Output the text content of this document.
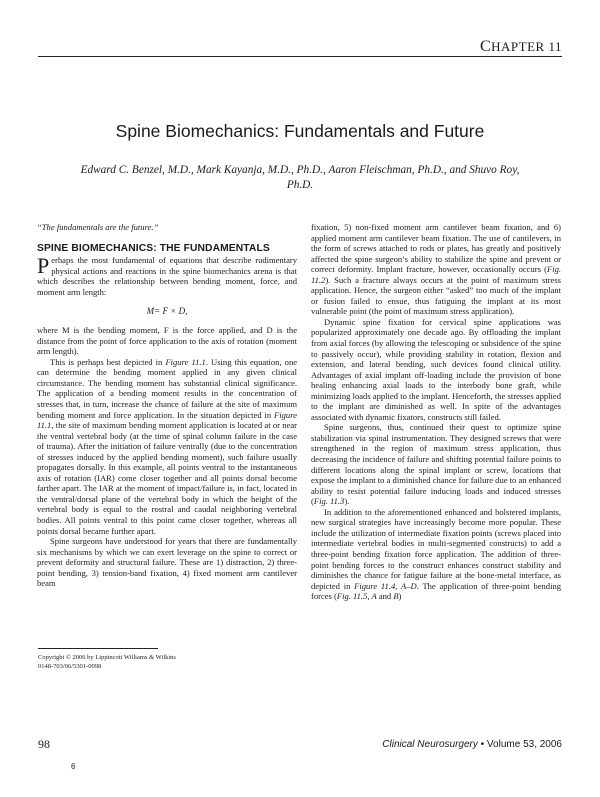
CHAPTER 11

Spine Biomechanics: Fundamentals and Future

Edward C. Benzel, M.D., Mark Kayanja, M.D., Ph.D., Aaron Fleischman, Ph.D., and Shuvo Roy, Ph.D.

“The fundamentals are the future.”

SPINE BIOMECHANICS: THE FUNDAMENTALS

Perhaps the most fundamental of equations that describe rudimentary physical actions and reactions in the spine biomechanics arena is that which describes the relationship between bending moment, force, and moment arm length:

M= F × D,

where M is the bending moment, F is the force applied, and D is the distance from the point of force application to the axis of rotation (moment arm length).

This is perhaps best depicted in Figure 11.1. Using this equation, one can determine the bending moment applied in any given clinical circumstance. The bending moment has substantial clinical significance. The application of a bending moment results in the concentration of stresses that, in turn, increase the chance of failure at the site of maximum bending moment and force application. In the situation depicted in Figure 11.1, the site of maximum bending moment application is located at or near the ventral vertebral body (at the time of spinal column failure in the case of trauma). After the initiation of failure ventrally (due to the concentration of stresses induced by the applied bending moment), such failure usually propagates dorsally. In this example, all points ventral to the instantaneous axis of rotation (IAR) come closer together and all points dorsal become farther apart. The IAR at the moment of impact/failure is, in fact, located in the ventral/dorsal plane of the vertebral body in which the height of the vertebral body is equal to the rostral and caudal neighboring vertebral bodies. All points ventral to this point came closer together, whereas all points dorsal became further apart.

Spine surgeons have understood for years that there are fundamentally six mechanisms by which we can exert leverage on the spine to correct or prevent deformity and structural failure. These are 1) distraction, 2) three-point bending, 3) tension-band fixation, 4) fixed moment arm cantilever beam

fixation, 5) non-fixed moment arm cantilever beam fixation, and 6) applied moment arm cantilever beam fixation. The use of cantilevers, in the form of screws attached to rods or plates, has greatly and positively affected the spine surgeon’s ability to stabilize the spine and prevent or correct deformity. Implant fracture, however, occasionally occurs (Fig. 11.2). Such a fracture always occurs at the point of maximum stress application. Hence, the surgeon either “asked” too much of the implant or fusion failed to ensue, thus fatiguing the implant at its most vulnerable point (the point of maximum stress application).

Dynamic spine fixation for cervical spine applications was popularized approximately one decade ago. By offloading the implant from axial forces (by allowing the telescoping or subsidence of the spine to passively occur), while providing stability in rotation, flexion and extension, and lateral bending, such devices found clinical utility. Advantages of axial implant off-loading include the provision of bone healing enhancing axial loads to the interbody bone graft, while minimizing loads applied to the implant. Henceforth, the stresses applied to the implant are diminished as well. In spite of the advantages associated with dynamic fixators, constructs still failed.

Spine surgeons, thus, continued their quest to optimize spine stabilization via spinal instrumentation. They designed screws that were strengthened in the region of maximum stress application, thus decreasing the incidence of failure and shifting potential failure points to different locations along the spinal implant or screw, locations that expose the implant to a diminished chance for failure due to an enhanced ability to resist potential failure inducing loads and induced stresses (Fig. 11.3).

In addition to the aforementioned enhanced and bolstered implants, new surgical strategies have increasingly become more popular. These include the utilization of intermediate fixation points (screws placed into intermediate vertebral bodies in multi-segmented constructs) to add a three-point bending fixation force application. The addition of three-point bending forces to the construct enhances construct stability and diminishes the chance for fatigue failure at the bone-metal interface, as depicted in Figure 11.4, A–D. The application of three-point bending forces (Fig. 11.5, A and B)

Copyright © 2006 by Lippincott Williams & Wilkins
0148-703/06/5301-0098

98	Clinical Neurosurgery • Volume 53, 2006

6
